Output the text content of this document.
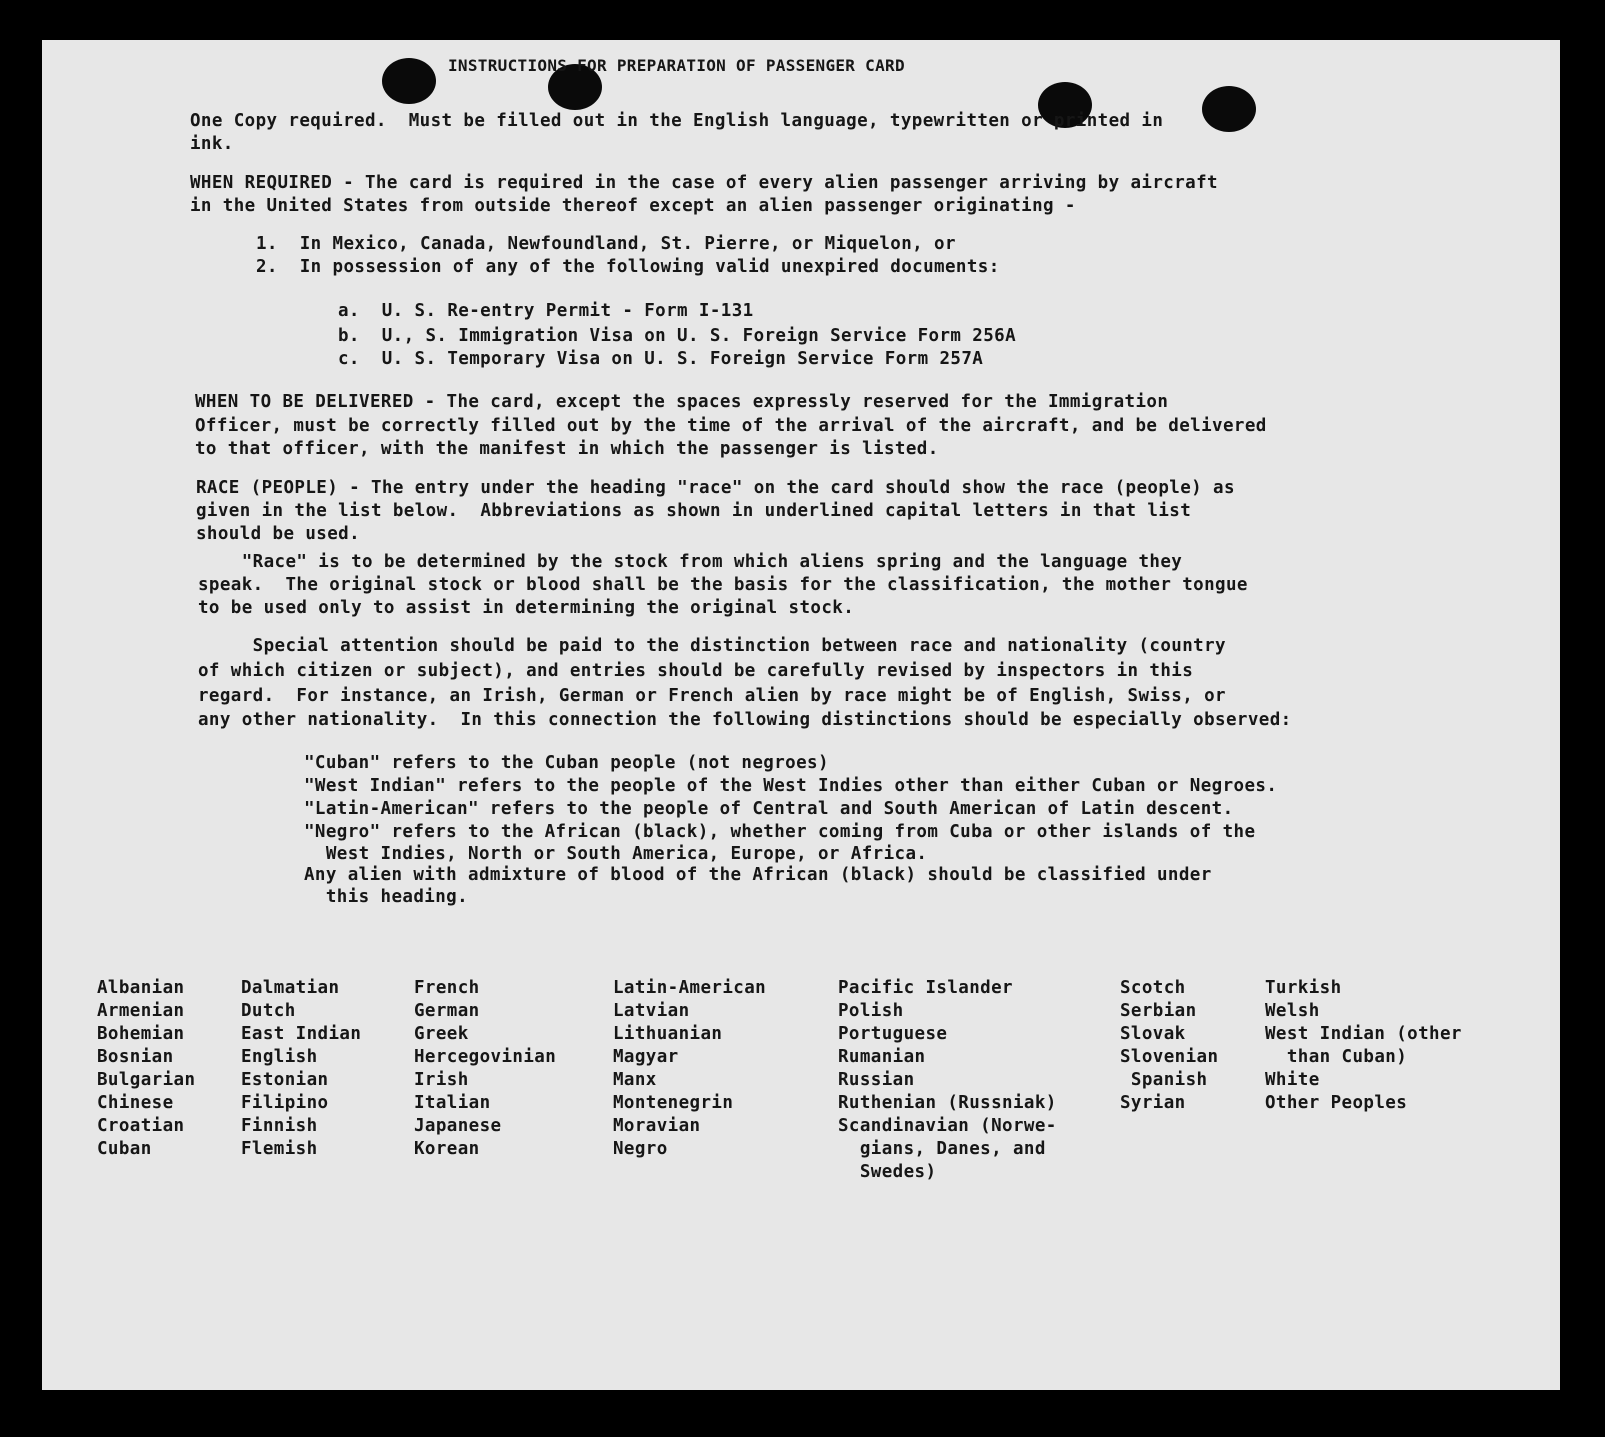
INSTRUCTIONS FOR PREPARATION OF PASSENGER CARD
One Copy required.  Must be filled out in the English language, typewritten or printed in
ink.
WHEN REQUIRED - The card is required in the case of every alien passenger arriving by aircraft
in the United States from outside thereof except an alien passenger originating -
1.  In Mexico, Canada, Newfoundland, St. Pierre, or Miquelon, or
2.  In possession of any of the following valid unexpired documents:
a.  U. S. Re-entry Permit - Form I-131
b.  U., S. Immigration Visa on U. S. Foreign Service Form 256A
c.  U. S. Temporary Visa on U. S. Foreign Service Form 257A
WHEN TO BE DELIVERED - The card, except the spaces expressly reserved for the Immigration
Officer, must be correctly filled out by the time of the arrival of the aircraft, and be delivered
to that officer, with the manifest in which the passenger is listed.
RACE (PEOPLE) - The entry under the heading "race" on the card should show the race (people) as
given in the list below.  Abbreviations as shown in underlined capital letters in that list
should be used.
"Race" is to be determined by the stock from which aliens spring and the language they
speak.  The original stock or blood shall be the basis for the classification, the mother tongue
to be used only to assist in determining the original stock.
Special attention should be paid to the distinction between race and nationality (country
of which citizen or subject), and entries should be carefully revised by inspectors in this
regard.  For instance, an Irish, German or French alien by race might be of English, Swiss, or
any other nationality.  In this connection the following distinctions should be especially observed:
"Cuban" refers to the Cuban people (not negroes)
"West Indian" refers to the people of the West Indies other than either Cuban or Negroes.
"Latin-American" refers to the people of Central and South American of Latin descent.
"Negro" refers to the African (black), whether coming from Cuba or other islands of the
West Indies, North or South America, Europe, or Africa.
Any alien with admixture of blood of the African (black) should be classified under
this heading.
Albanian
Armenian
Bohemian
Bosnian
Bulgarian
Chinese
Croatian
Cuban
Dalmatian
Dutch
East Indian
English
Estonian
Filipino
Finnish
Flemish
French
German
Greek
Hercegovinian
Irish
Italian
Japanese
Korean
Latin-American
Latvian
Lithuanian
Magyar
Manx
Montenegrin
Moravian
Negro
Pacific Islander
Polish
Portuguese
Rumanian
Russian
Ruthenian (Russniak)
Scandinavian (Norwe-
gians, Danes, and
Swedes)
Scotch
Serbian
Slovak
Slovenian
Spanish
Syrian
Turkish
Welsh
West Indian (other
than Cuban)
White
Other Peoples
